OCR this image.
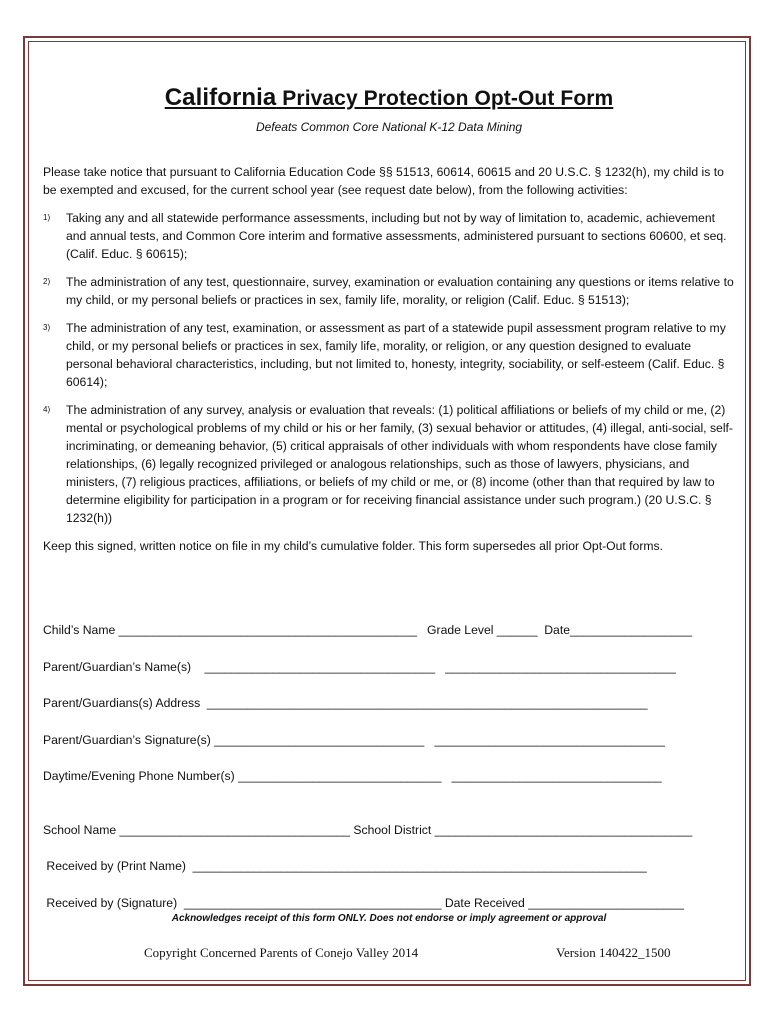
California Privacy Protection Opt-Out Form
Defeats Common Core National K-12 Data Mining
Please take notice that pursuant to California Education Code §§ 51513, 60614, 60615 and 20 U.S.C. § 1232(h), my child is to be exempted and excused, for the current school year (see request date below), from the following activities:
1) Taking any and all statewide performance assessments, including but not by way of limitation to, academic, achievement and annual tests, and Common Core interim and formative assessments, administered pursuant to sections 60600, et seq. (Calif. Educ. § 60615);
2) The administration of any test, questionnaire, survey, examination or evaluation containing any questions or items relative to my child, or my personal beliefs or practices in sex, family life, morality, or religion (Calif. Educ. § 51513);
3) The administration of any test, examination, or assessment as part of a statewide pupil assessment program relative to my child, or my personal beliefs or practices in sex, family life, morality, or religion, or any question designed to evaluate personal behavioral characteristics, including, but not limited to, honesty, integrity, sociability, or self-esteem (Calif. Educ. § 60614);
4) The administration of any survey, analysis or evaluation that reveals: (1) political affiliations or beliefs of my child or me, (2) mental or psychological problems of my child or his or her family, (3) sexual behavior or attitudes, (4) illegal, anti-social, self-incriminating, or demeaning behavior, (5) critical appraisals of other individuals with whom respondents have close family relationships, (6) legally recognized privileged or analogous relationships, such as those of lawyers, physicians, and ministers, (7) religious practices, affiliations, or beliefs of my child or me, or (8) income (other than that required by law to determine eligibility for participation in a program or for receiving financial assistance under such program.) (20 U.S.C. § 1232(h))
Keep this signed, written notice on file in my child’s cumulative folder. This form supersedes all prior Opt-Out forms.
Child’s Name ____________________________________________   Grade Level ______  Date__________________
Parent/Guardian’s Name(s)    __________________________________   __________________________________
Parent/Guardians(s) Address  _________________________________________________________________
Parent/Guardian’s Signature(s) _______________________________   __________________________________
Daytime/Evening Phone Number(s) ______________________________   _______________________________
School Name __________________________________ School District ______________________________________
Received by (Print Name)  ___________________________________________________________________
Received by (Signature)  ______________________________________ Date Received _______________________
Acknowledges receipt of this form ONLY. Does not endorse or imply agreement or approval
Copyright Concerned Parents of Conejo Valley 2014	Version 140422_1500
